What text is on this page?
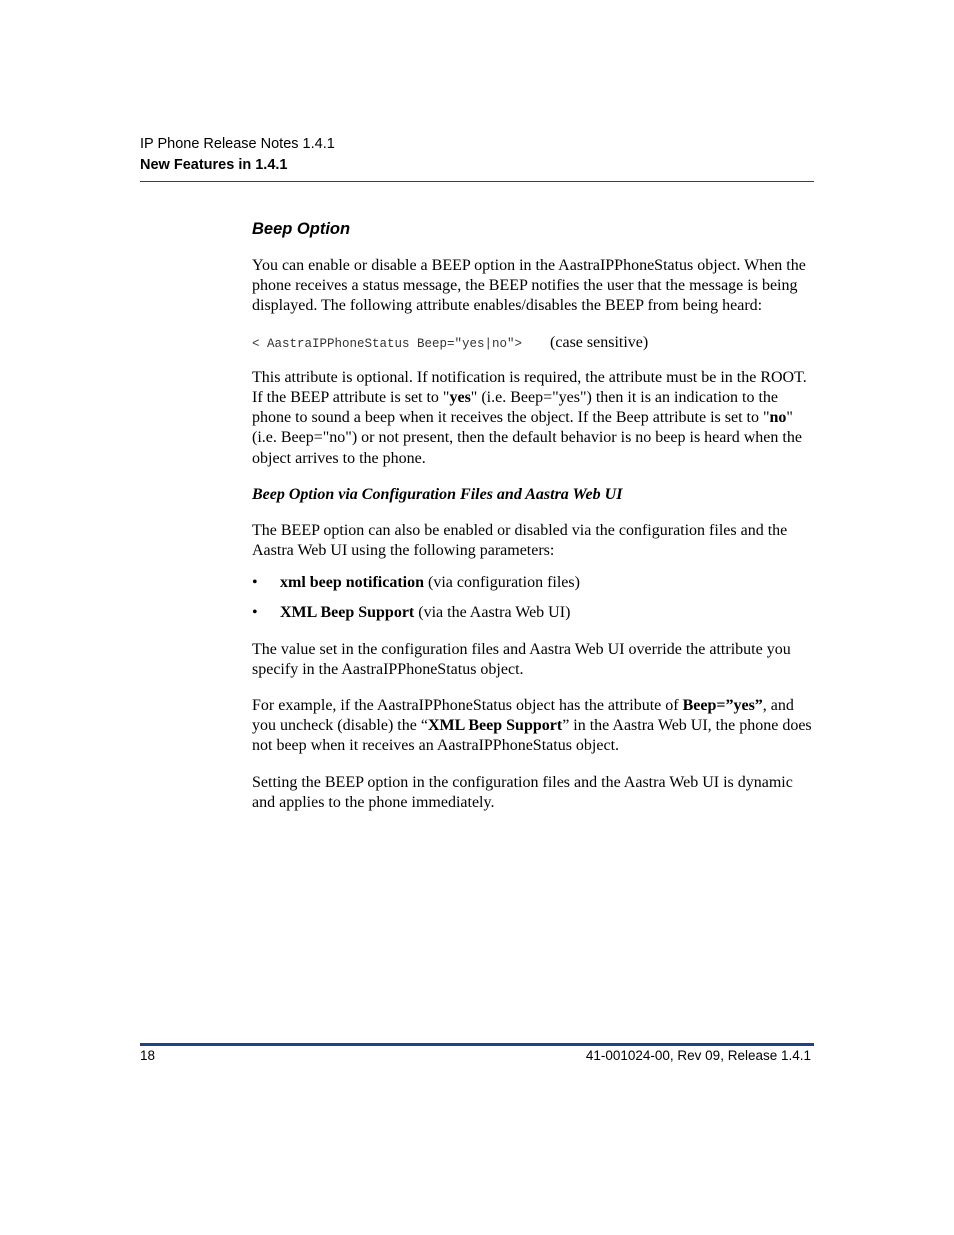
IP Phone Release Notes 1.4.1
New Features in 1.4.1
Beep Option

You can enable or disable a BEEP option in the AastraIPPhoneStatus object. When the phone receives a status message, the BEEP notifies the user that the message is being displayed. The following attribute enables/disables the BEEP from being heard:

< AastraIPPhoneStatus Beep="yes|no"> (case sensitive)

This attribute is optional. If notification is required, the attribute must be in the ROOT. If the BEEP attribute is set to "yes" (i.e. Beep="yes") then it is an indication to the phone to sound a beep when it receives the object. If the Beep attribute is set to "no" (i.e. Beep="no") or not present, then the default behavior is no beep is heard when the object arrives to the phone.

Beep Option via Configuration Files and Aastra Web UI

The BEEP option can also be enabled or disabled via the configuration files and the Aastra Web UI using the following parameters:

• xml beep notification (via configuration files)
• XML Beep Support (via the Aastra Web UI)

The value set in the configuration files and Aastra Web UI override the attribute you specify in the AastraIPPhoneStatus object.

For example, if the AastraIPPhoneStatus object has the attribute of Beep=”yes”, and you uncheck (disable) the “XML Beep Support” in the Aastra Web UI, the phone does not beep when it receives an AastraIPPhoneStatus object.

Setting the BEEP option in the configuration files and the Aastra Web UI is dynamic and applies to the phone immediately.

18	41-001024-00, Rev 09, Release 1.4.1
